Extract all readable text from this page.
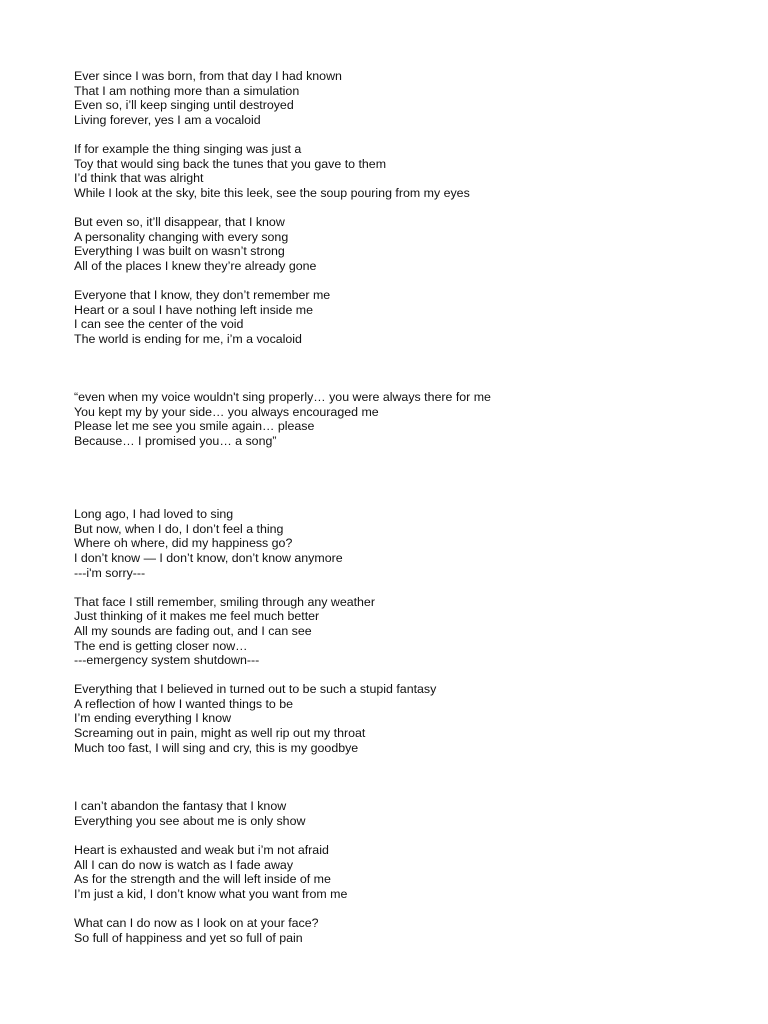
Ever since I was born, from that day I had known
That I am nothing more than a simulation
Even so, i’ll keep singing until destroyed
Living forever, yes I am a vocaloid
If for example the thing singing was just a
Toy that would sing back the tunes that you gave to them
I’d think that was alright
While I look at the sky, bite this leek, see the soup pouring from my eyes
But even so, it’ll disappear, that I know
A personality changing with every song
Everything I was built on wasn’t strong
All of the places I knew they’re already gone
Everyone that I know, they don’t remember me
Heart or a soul I have nothing left inside me
I can see the center of the void
The world is ending for me, i’m a vocaloid
“even when my voice wouldn't sing properly… you were always there for me
You kept my by your side… you always encouraged me
Please let me see you smile again… please
Because… I promised you… a song”
Long ago, I had loved to sing
But now, when I do, I don’t feel a thing
Where oh where, did my happiness go?
I don’t know — I don’t know, don’t know anymore
---i'm sorry---
That face I still remember, smiling through any weather
Just thinking of it makes me feel much better
All my sounds are fading out, and I can see
The end is getting closer now…
---emergency system shutdown---
Everything that I believed in turned out to be such a stupid fantasy
A reflection of how I wanted things to be
I’m ending everything I know
Screaming out in pain, might as well rip out my throat
Much too fast, I will sing and cry, this is my goodbye
I can’t abandon the fantasy that I know
Everything you see about me is only show
Heart is exhausted and weak but i’m not afraid
All I can do now is watch as I fade away
As for the strength and the will left inside of me
I’m just a kid, I don’t know what you want from me
What can I do now as I look on at your face?
So full of happiness and yet so full of pain
